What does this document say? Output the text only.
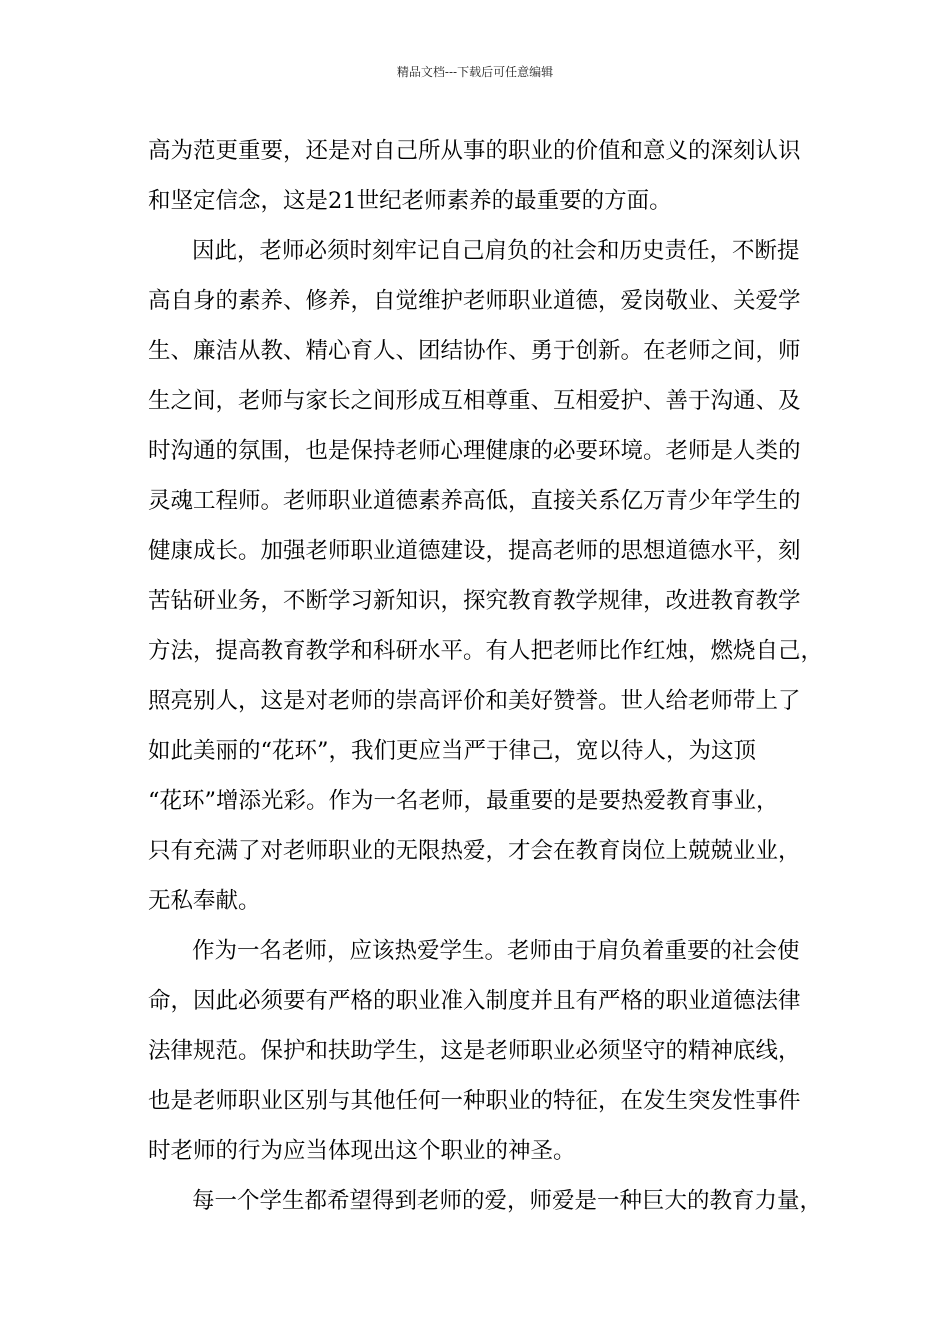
精品文档---下载后可任意编辑
高为范更重要，还是对自己所从事的职业的价值和意义的深刻认识
和坚定信念，这是21世纪老师素养的最重要的方面。
因此，老师必须时刻牢记自己肩负的社会和历史责任，不断提
高自身的素养、修养，自觉维护老师职业道德，爱岗敬业、关爱学
生、廉洁从教、精心育人、团结协作、勇于创新。在老师之间，师
生之间，老师与家长之间形成互相尊重、互相爱护、善于沟通、及
时沟通的氛围，也是保持老师心理健康的必要环境。老师是人类的
灵魂工程师。老师职业道德素养高低，直接关系亿万青少年学生的
健康成长。加强老师职业道德建设，提高老师的思想道德水平，刻
苦钻研业务，不断学习新知识，探究教育教学规律，改进教育教学
方法，提高教育教学和科研水平。有人把老师比作红烛，燃烧自己，
照亮别人，这是对老师的崇高评价和美好赞誉。世人给老师带上了
如此美丽的“花环”，我们更应当严于律己，宽以待人，为这顶
“花环”增添光彩。作为一名老师，最重要的是要热爱教育事业，
只有充满了对老师职业的无限热爱，才会在教育岗位上兢兢业业，
无私奉献。
作为一名老师，应该热爱学生。老师由于肩负着重要的社会使
命，因此必须要有严格的职业准入制度并且有严格的职业道德法律
法律规范。保护和扶助学生，这是老师职业必须坚守的精神底线，
也是老师职业区别与其他任何一种职业的特征，在发生突发性事件
时老师的行为应当体现出这个职业的神圣。
每一个学生都希望得到老师的爱，师爱是一种巨大的教育力量，
